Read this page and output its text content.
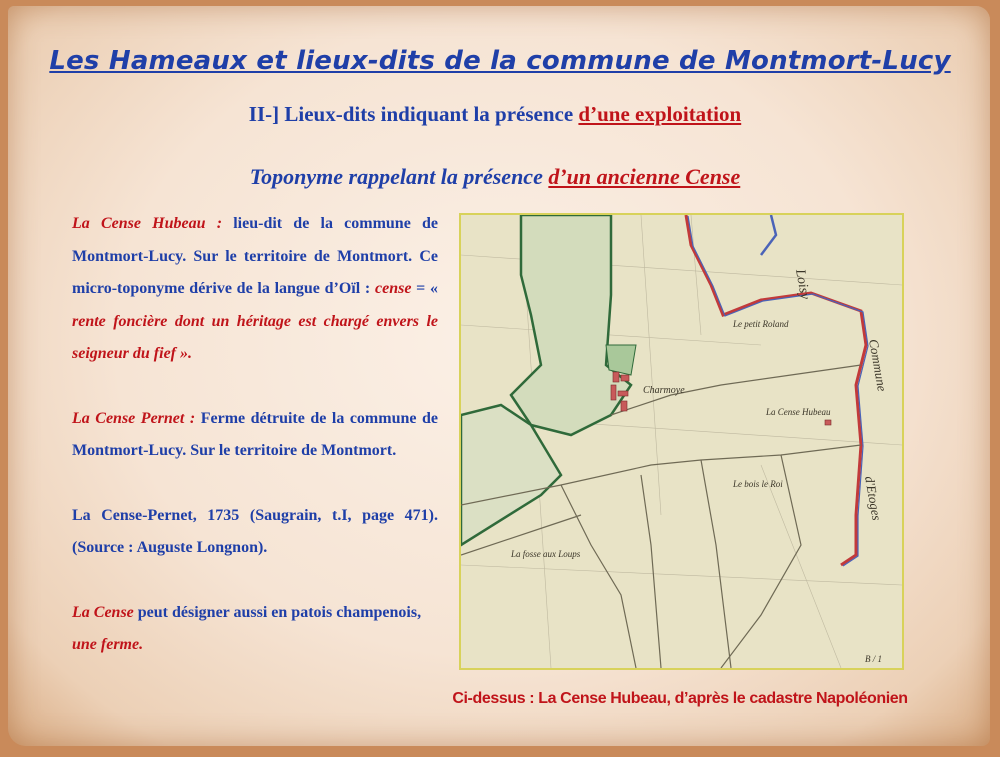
Les Hameaux et lieux-dits de la commune de Montmort-Lucy
II-] Lieux-dits indiquant la présence d’une exploitation
Toponyme rappelant la présence d’un ancienne Cense

La Cense Hubeau : lieu-dit de la commune de Montmort-Lucy. Sur le territoire de Montmort. Ce micro-toponyme dérive de la langue d’Oïl : cense = « rente foncière dont un héritage est chargé envers le seigneur du fief ».

La Cense Pernet : Ferme détruite de la commune de Montmort-Lucy. Sur le territoire de Montmort.

La Cense-Pernet, 1735 (Saugrain, t.I, page 471). (Source : Auguste Longnon).

La Cense peut désigner aussi en patois champenois, une ferme.

Charmoye
Le petit Roland
La Cense Hubeau
Le bois le Roi
La fosse aux Loups
Loisy
Commune
d'Etoges
B / 1
Ci-dessus : La Cense Hubeau, d’après le cadastre Napoléonien
